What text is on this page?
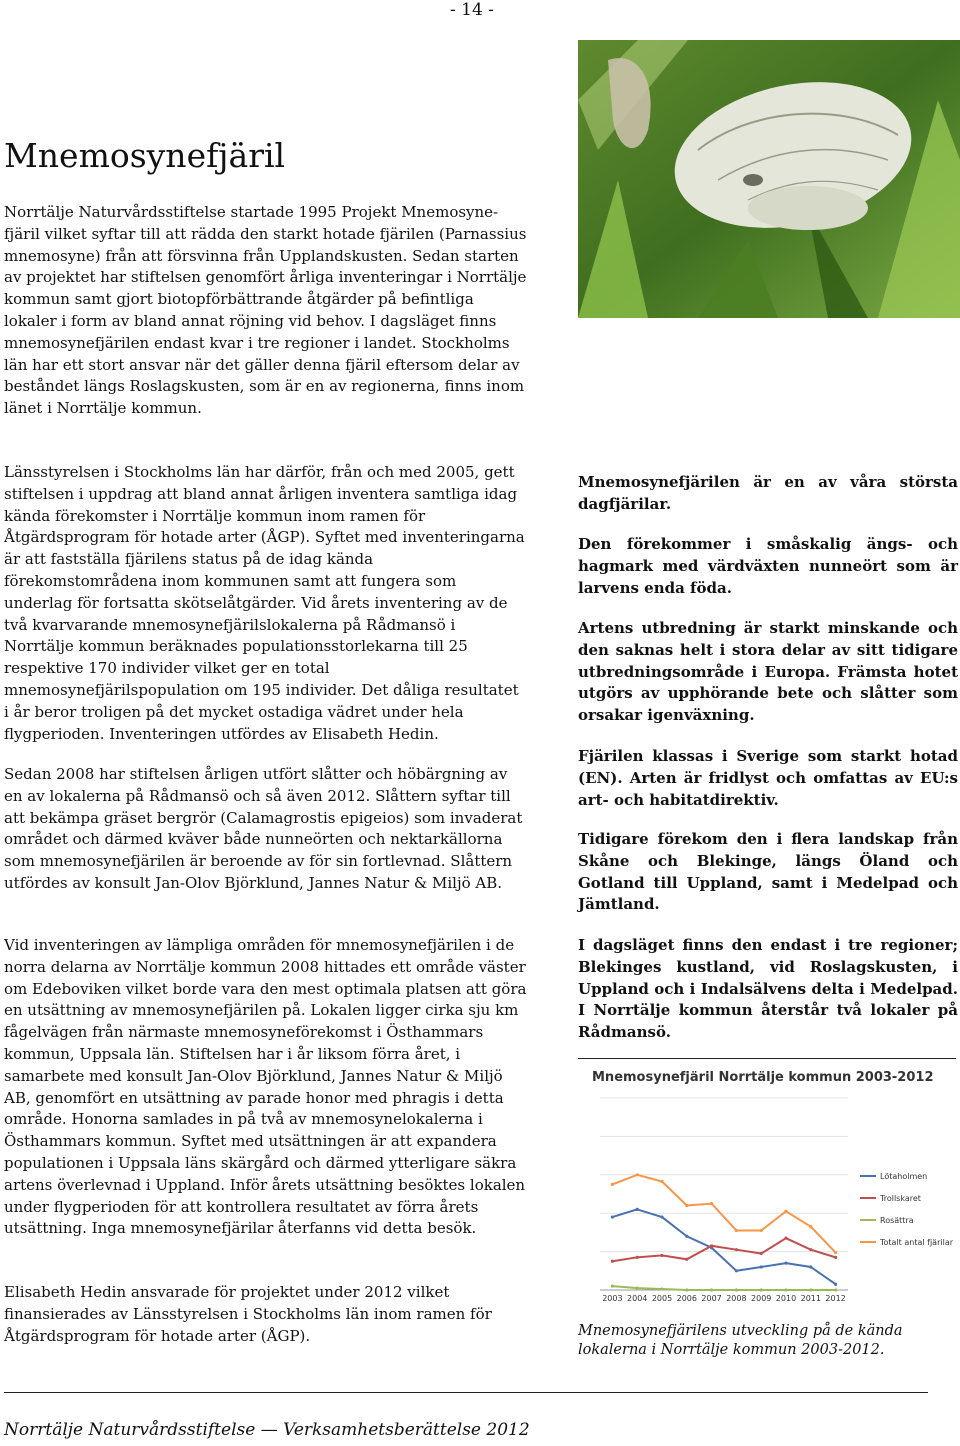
- 14 -
Mnemosynefjäril

Norrtälje Naturvårdsstiftelse startade 1995 Projekt Mnemosyne-fjäril vilket syftar till att rädda den starkt hotade fjärilen (Parnassius mnemosyne) från att försvinna från Upplandskusten. Sedan starten av projektet har stiftelsen genomfört årliga inventeringar i Norrtälje kommun samt gjort biotopförbättrande åtgärder på befintliga lokaler i form av bland annat röjning vid behov. I dagsläget finns mnemosynefjärilen endast kvar i tre regioner i landet. Stockholms län har ett stort ansvar när det gäller denna fjäril eftersom delar av beståndet längs Roslagskusten, som är en av regionerna, finns inom länet i Norrtälje kommun.

Länsstyrelsen i Stockholms län har därför, från och med 2005, gett stiftelsen i uppdrag att bland annat årligen inventera samtliga idag kända förekomster i Norrtälje kommun inom ramen för Åtgärdsprogram för hotade arter (ÅGP). Syftet med inventeringarna är att fastställa fjärilens status på de idag kända förekomstområdena inom kommunen samt att fungera som underlag för fortsatta skötselåtgärder. Vid årets inventering av de två kvarvarande mnemosynefjärilslokalerna på Rådmansö i Norrtälje kommun beräknades populationsstorlekarna till 25 respektive 170 individer vilket ger en total mnemosynefjärilspopulation om 195 individer. Det dåliga resultatet i år beror troligen på det mycket ostadiga vädret under hela flygperioden. Inventeringen utfördes av Elisabeth Hedin.

Sedan 2008 har stiftelsen årligen utfört slåtter och höbärgning av en av lokalerna på Rådmansö och så även 2012. Slåttern syftar till att bekämpa gräset bergrör (Calamagrostis epigeios) som invaderat området och därmed kväver både nunneörten och nektarkällorna som mnemosynefjärilen är beroende av för sin fortlevnad. Slåttern utfördes av konsult Jan-Olov Björklund, Jannes Natur & Miljö AB.

Vid inventeringen av lämpliga områden för mnemosynefjärilen i de norra delarna av Norrtälje kommun 2008 hittades ett område väster om Edeboviken vilket borde vara den mest optimala platsen att göra en utsättning av mnemosynefjärilen på. Lokalen ligger cirka sju km fågelvägen från närmaste mnemosyneförekomst i Östhammars kommun, Uppsala län. Stiftelsen har i år liksom förra året, i samarbete med konsult Jan-Olov Björklund, Jannes Natur & Miljö AB, genomfört en utsättning av parade honor med phragis i detta område. Honorna samlades in på två av mnemosynelokalerna i Östhammars kommun. Syftet med utsättningen är att expandera populationen i Uppsala läns skärgård och därmed ytterligare säkra artens överlevnad i Uppland. Inför årets utsättning besöktes lokalen under flygperioden för att kontrollera resultatet av förra årets utsättning. Inga mnemosynefjärilar återfanns vid detta besök.

Elisabeth Hedin ansvarade för projektet under 2012 vilket finansierades av Länsstyrelsen i Stockholms län inom ramen för Åtgärdsprogram för hotade arter (ÅGP).

Mnemosynefjärilen är en av våra största dagfjärilar.

Den förekommer i småskalig ängs- och hagmark med värdväxten nunneört som är larvens enda föda.

Artens utbredning är starkt minskande och den saknas helt i stora delar av sitt tidigare utbredningsområde i Europa. Främsta hotet utgörs av upphörande bete och slåtter som orsakar igenväxning.

Fjärilen klassas i Sverige som starkt hotad (EN). Arten är fridlyst och omfattas av EU:s art- och habitatdirektiv.

Tidigare förekom den i flera landskap från Skåne och Blekinge, längs Öland och Gotland till Uppland, samt i Medelpad och Jämtland.

I dagsläget finns den endast i tre regioner; Blekinges kustland, vid Roslagskusten, i Uppland och i Indalsälvens delta i Medelpad. I Norrtälje kommun återstår två lokaler på Rådmansö.

Mnemosynefjäril Norrtälje kommun 2003-2012
2003 2004 2005 2006 2007 2008 2009 2010 2011 2012
Lötaholmen
Trollskaret
Rosättra
Totalt antal fjärilar

Mnemosynefjärilens utveckling på de kända lokalerna i Norrtälje kommun 2003-2012.

Norrtälje Naturvårdsstiftelse — Verksamhetsberättelse 2012
